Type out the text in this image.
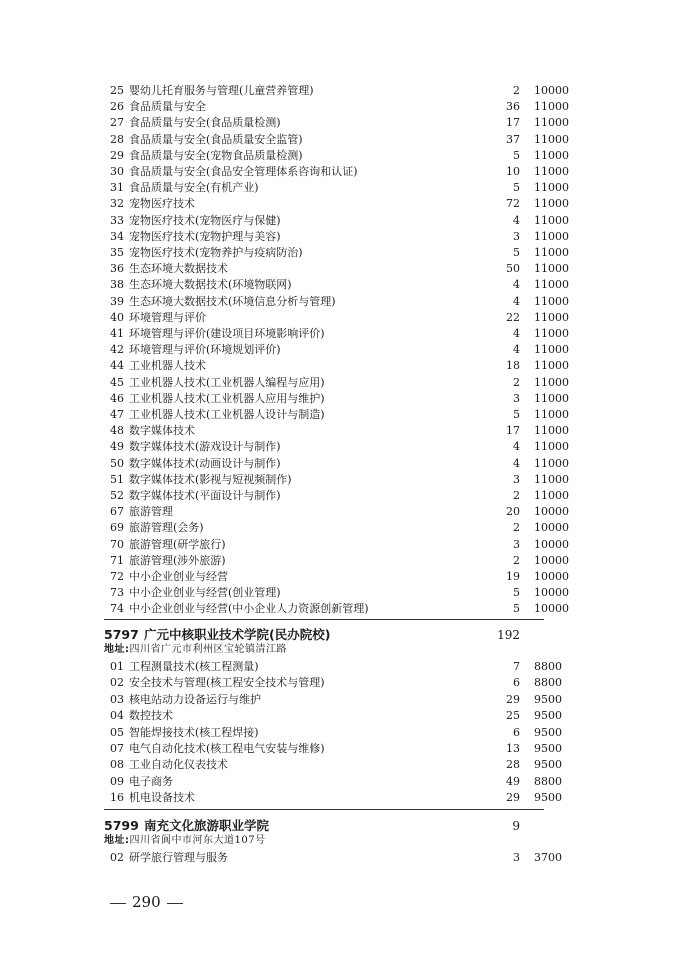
25 婴幼儿托育服务与管理(儿童营养管理)	2 10000
26 食品质量与安全	36 11000
27 食品质量与安全(食品质量检测)	17 11000
28 食品质量与安全(食品质量安全监管)	37 11000
29 食品质量与安全(宠物食品质量检测)	5 11000
30 食品质量与安全(食品安全管理体系咨询和认证)	10 11000
31 食品质量与安全(有机产业)	5 11000
32 宠物医疗技术	72 11000
33 宠物医疗技术(宠物医疗与保健)	4 11000
34 宠物医疗技术(宠物护理与美容)	3 11000
35 宠物医疗技术(宠物养护与疫病防治)	5 11000
36 生态环境大数据技术	50 11000
38 生态环境大数据技术(环境物联网)	4 11000
39 生态环境大数据技术(环境信息分析与管理)	4 11000
40 环境管理与评价	22 11000
41 环境管理与评价(建设项目环境影响评价)	4 11000
42 环境管理与评价(环境规划评价)	4 11000
44 工业机器人技术	18 11000
45 工业机器人技术(工业机器人编程与应用)	2 11000
46 工业机器人技术(工业机器人应用与维护)	3 11000
47 工业机器人技术(工业机器人设计与制造)	5 11000
48 数字媒体技术	17 11000
49 数字媒体技术(游戏设计与制作)	4 11000
50 数字媒体技术(动画设计与制作)	4 11000
51 数字媒体技术(影视与短视频制作)	3 11000
52 数字媒体技术(平面设计与制作)	2 11000
67 旅游管理	20 10000
69 旅游管理(会务)	2 10000
70 旅游管理(研学旅行)	3 10000
71 旅游管理(涉外旅游)	2 10000
72 中小企业创业与经营	19 10000
73 中小企业创业与经营(创业管理)	5 10000
74 中小企业创业与经营(中小企业人力资源创新管理)	5 10000
5797 广元中核职业技术学院(民办院校)	192
地址:四川省广元市利州区宝轮镇清江路
01 工程测量技术(核工程测量)	7 8800
02 安全技术与管理(核工程安全技术与管理)	6 8800
03 核电站动力设备运行与维护	29 9500
04 数控技术	25 9500
05 智能焊接技术(核工程焊接)	6 9500
07 电气自动化技术(核工程电气安装与维修)	13 9500
08 工业自动化仪表技术	28 9500
09 电子商务	49 8800
16 机电设备技术	29 9500
5799 南充文化旅游职业学院	9
地址:四川省阆中市河东大道107号
02 研学旅行管理与服务	3 3700
290
